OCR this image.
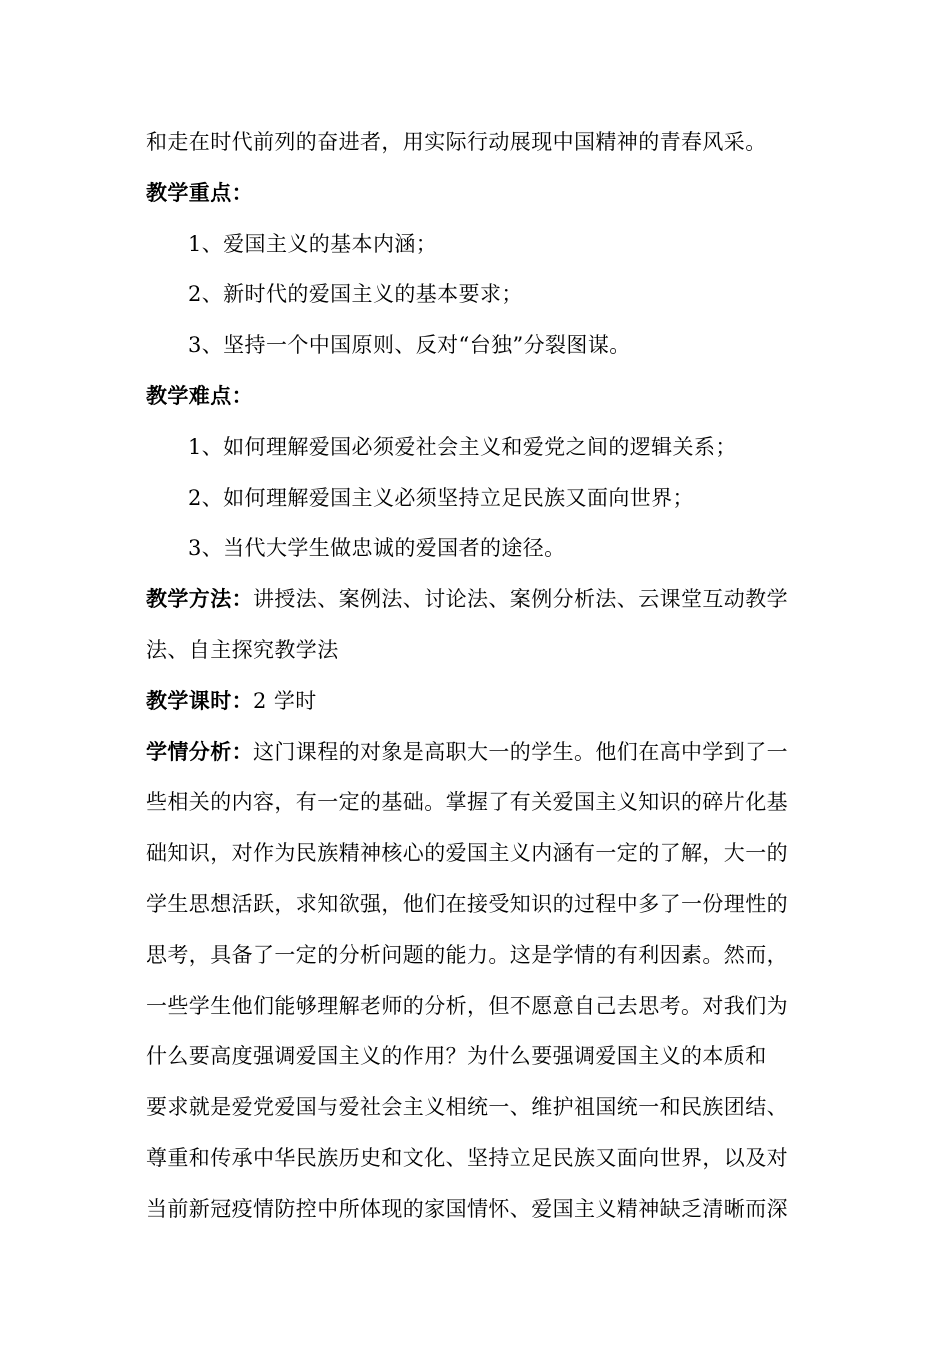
和走在时代前列的奋进者，用实际行动展现中国精神的青春风采。
教学重点：
1、爱国主义的基本内涵；
2、新时代的爱国主义的基本要求；
3、坚持一个中国原则、反对“台独”分裂图谋。
教学难点：
1、如何理解爱国必须爱社会主义和爱党之间的逻辑关系；
2、如何理解爱国主义必须坚持立足民族又面向世界；
3、当代大学生做忠诚的爱国者的途径。
教学方法：讲授法、案例法、讨论法、案例分析法、云课堂互动教学
法、自主探究教学法
教学课时：2 学时
学情分析：这门课程的对象是高职大一的学生。他们在高中学到了一
些相关的内容，有一定的基础。掌握了有关爱国主义知识的碎片化基
础知识，对作为民族精神核心的爱国主义内涵有一定的了解，大一的
学生思想活跃，求知欲强，他们在接受知识的过程中多了一份理性的
思考，具备了一定的分析问题的能力。这是学情的有利因素。然而，
一些学生他们能够理解老师的分析，但不愿意自己去思考。对我们为
什么要高度强调爱国主义的作用？为什么要强调爱国主义的本质和
要求就是爱党爱国与爱社会主义相统一、维护祖国统一和民族团结、
尊重和传承中华民族历史和文化、坚持立足民族又面向世界，以及对
当前新冠疫情防控中所体现的家国情怀、爱国主义精神缺乏清晰而深
